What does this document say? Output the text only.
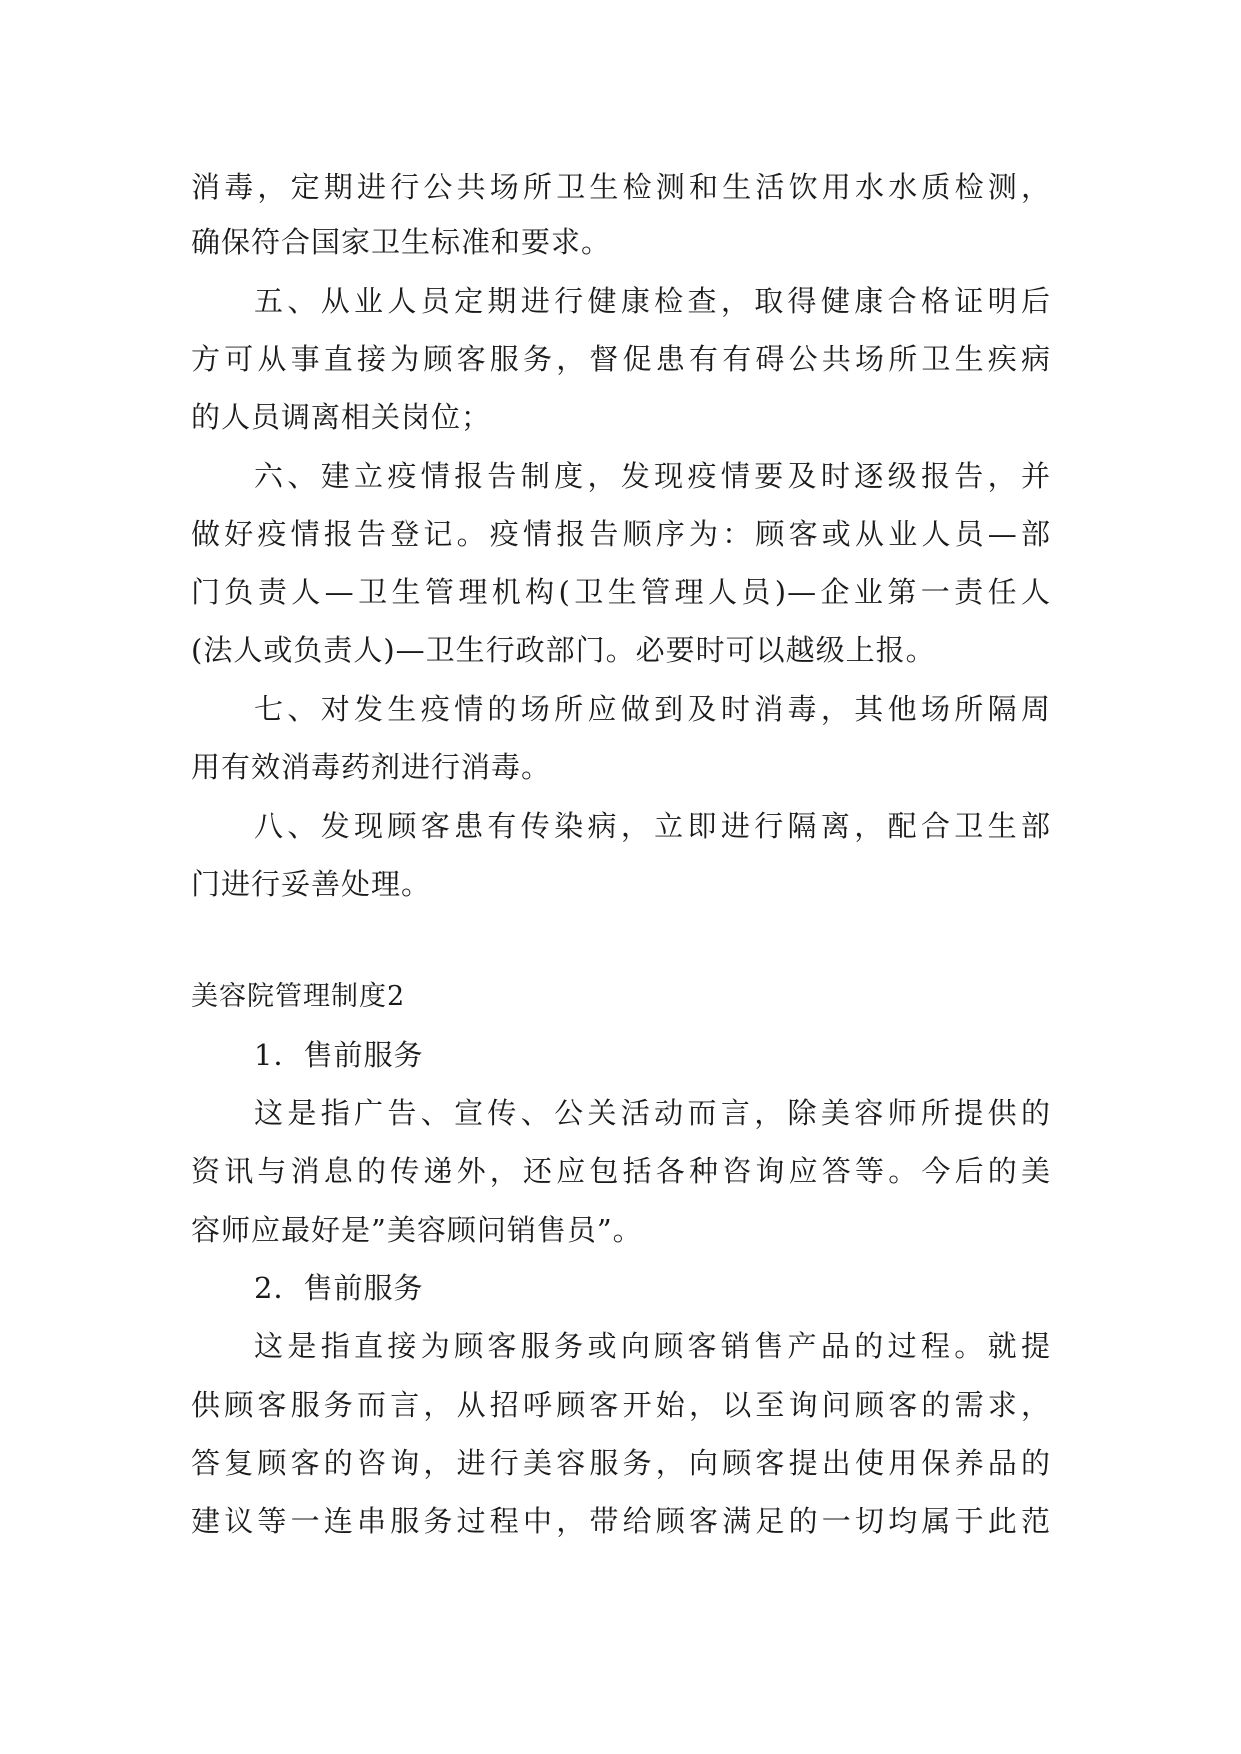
消毒，定期进行公共场所卫生检测和生活饮用水水质检测，
确保符合国家卫生标准和要求。
五、从业人员定期进行健康检查，取得健康合格证明后
方可从事直接为顾客服务，督促患有有碍公共场所卫生疾病
的人员调离相关岗位；
六、建立疫情报告制度，发现疫情要及时逐级报告，并
做好疫情报告登记。疫情报告顺序为：顾客或从业人员—部
门负责人—卫生管理机构(卫生管理人员)—企业第一责任人
(法人或负责人)—卫生行政部门。必要时可以越级上报。
七、对发生疫情的场所应做到及时消毒，其他场所隔周
用有效消毒药剂进行消毒。
八、发现顾客患有传染病，立即进行隔离，配合卫生部
门进行妥善处理。
美容院管理制度2
1．售前服务
这是指广告、宣传、公关活动而言，除美容师所提供的
资讯与消息的传递外，还应包括各种咨询应答等。今后的美
容师应最好是”美容顾问销售员”。
2．售前服务
这是指直接为顾客服务或向顾客销售产品的过程。就提
供顾客服务而言，从招呼顾客开始，以至询问顾客的需求，
答复顾客的咨询，进行美容服务，向顾客提出使用保养品的
建议等一连串服务过程中，带给顾客满足的一切均属于此范
